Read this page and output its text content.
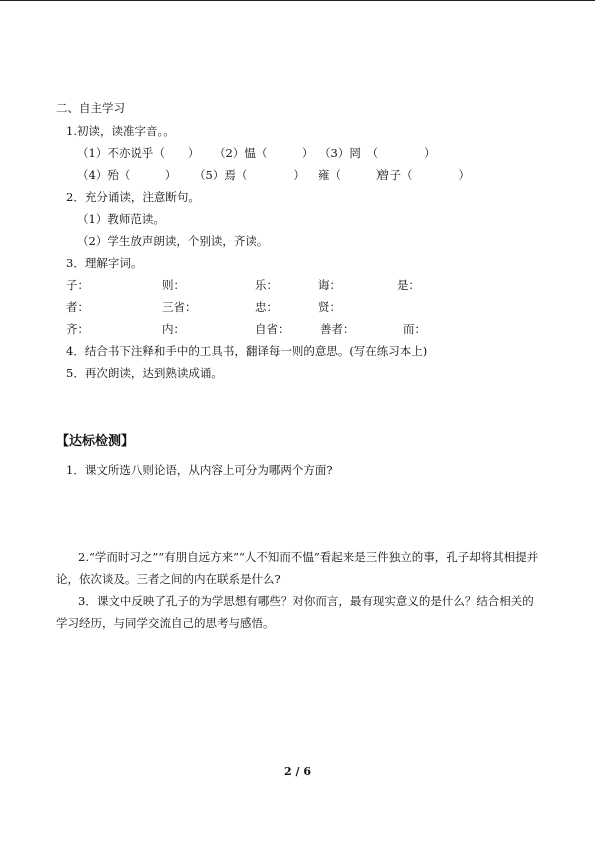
二、自主学习
1.初读，读准字音。。
（1）不亦说乎（　　） （2）愠（　　　） （3）罔　（　　　　）
（4）殆（　　　） （5）焉（　　　　） 雍（　　　）
曾子（　　　　）
2．充分诵读，注意断句。
（1）教师范读。
（2）学生放声朗读，个别读，齐读。
3．理解字词。
子：	则：	乐：	诲：	是：
者：	三省：	忠：	贤：
齐：	内：	自省：	善者：	而：
4．结合书下注释和手中的工具书，翻译每一则的意思。(写在练习本上)
5．再次朗读，达到熟读成诵。
【达标检测】
1．课文所选八则论语，从内容上可分为哪两个方面?
2.“学而时习之”“有朋自远方来”“人不知而不愠”看起来是三件独立的事，孔子却将其相提并论，依次谈及。三者之间的内在联系是什么?
3．课文中反映了孔子的为学思想有哪些？对你而言，最有现实意义的是什么？结合相关的学习经历，与同学交流自己的思考与感悟。
2 / 6
